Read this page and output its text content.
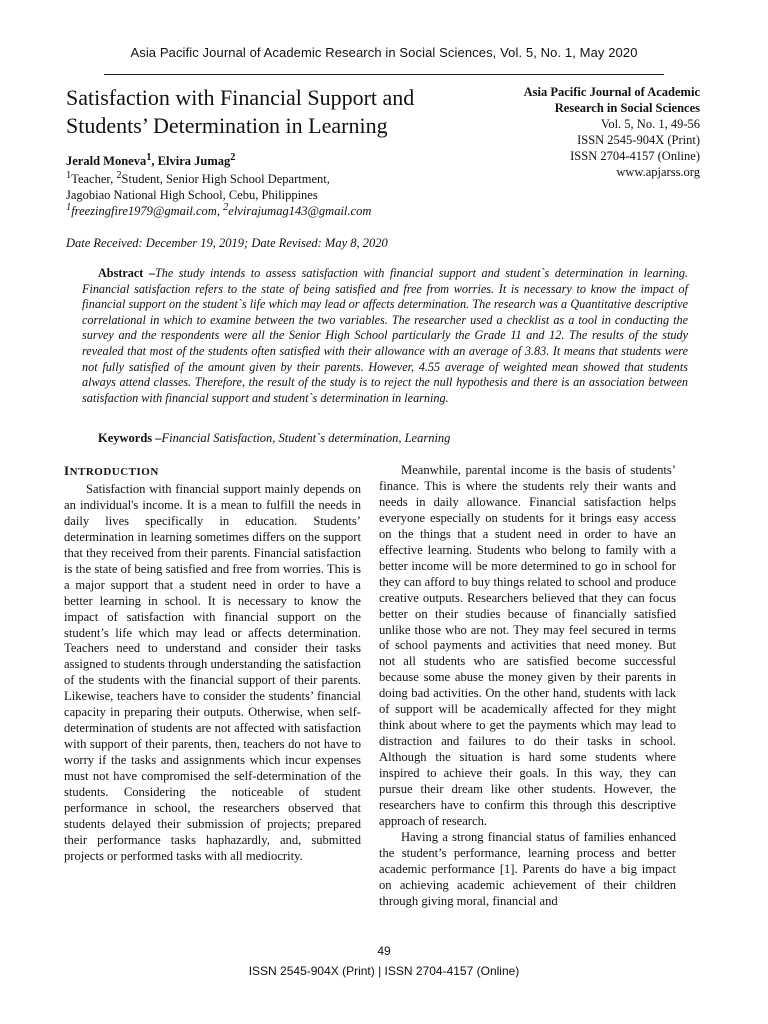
Asia Pacific Journal of Academic Research in Social Sciences, Vol. 5, No. 1, May 2020
Satisfaction with Financial Support and Students’ Determination in Learning
Asia Pacific Journal of Academic Research in Social Sciences
Vol. 5, No. 1, 49-56
ISSN 2545-904X (Print)
ISSN 2704-4157 (Online)
www.apjarss.org
Jerald Moneva$^1$, Elvira Jumag$^2$
$^1$Teacher, $^2$Student, Senior High School Department,
Jagobiao National High School, Cebu, Philippines
$^1$freezingfire1979@gmail.com, $^2$elvirajumag143@gmail.com
Date Received: December 19, 2019; Date Revised: May 8, 2020

Abstract –The study intends to assess satisfaction with financial support and student`s determination in learning. Financial satisfaction refers to the state of being satisfied and free from worries. It is necessary to know the impact of financial support on the student`s life which may lead or affects determination. The research was a Quantitative descriptive correlational in which to examine between the two variables. The researcher used a checklist as a tool in conducting the survey and the respondents were all the Senior High School particularly the Grade 11 and 12. The results of the study revealed that most of the students often satisfied with their allowance with an average of 3.83. It means that students were not fully satisfied of the amount given by their parents. However, 4.55 average of weighted mean showed that students always attend classes. Therefore, the result of the study is to reject the null hypothesis and there is an association between satisfaction with financial support and student`s determination in learning.

Keywords –Financial Satisfaction, Student`s determination, Learning
INTRODUCTION

Satisfaction with financial support mainly depends on an individual's income. It is a mean to fulfill the needs in daily lives specifically in education. Students’ determination in learning sometimes differs on the support that they received from their parents. Financial satisfaction is the state of being satisfied and free from worries. This is a major support that a student need in order to have a better learning in school. It is necessary to know the impact of satisfaction with financial support on the student’s life which may lead or affects determination. Teachers need to understand and consider their tasks assigned to students through understanding the satisfaction of the students with the financial support of their parents. Likewise, teachers have to consider the students’ financial capacity in preparing their outputs. Otherwise, when self-determination of students are not affected with satisfaction with support of their parents, then, teachers do not have to worry if the tasks and assignments which incur expenses must not have compromised the self-determination of the students. Considering the noticeable of student performance in school, the researchers observed that students delayed their submission of projects; prepared their performance tasks haphazardly, and, submitted projects or performed tasks with all mediocrity.

Meanwhile, parental income is the basis of students’ finance. This is where the students rely their wants and needs in daily allowance. Financial satisfaction helps everyone especially on students for it brings easy access on the things that a student need in order to have an effective learning. Students who belong to family with a better income will be more determined to go in school for they can afford to buy things related to school and produce creative outputs. Researchers believed that they can focus better on their studies because of financially satisfied unlike those who are not. They may feel secured in terms of school payments and activities that need money. But not all students who are satisfied become successful because some abuse the money given by their parents in doing bad activities. On the other hand, students with lack of support will be academically affected for they might think about where to get the payments which may lead to distraction and failures to do their tasks in school. Although the situation is hard some students where inspired to achieve their goals. In this way, they can pursue their dream like other students. However, the researchers have to confirm this through this descriptive approach of research.

Having a strong financial status of families enhanced the student’s performance, learning process and better academic performance [1]. Parents do have a big impact on achieving academic achievement of their children through giving moral, financial and

49
ISSN 2545-904X (Print) | ISSN 2704-4157 (Online)
